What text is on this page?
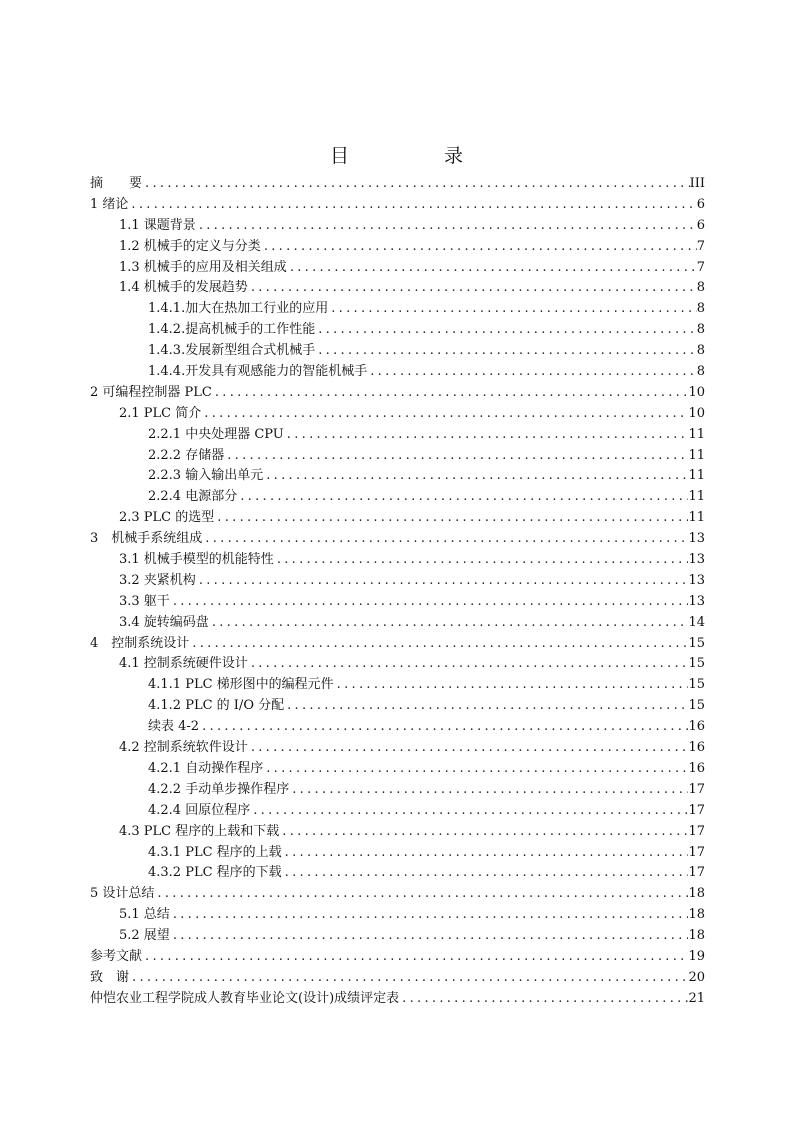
目　录
摘　　要 .....	III
1 绪论 .....	6
1.1 课题背景 .....	6
1.2 机械手的定义与分类 .....	7
1.3 机械手的应用及相关组成 .....	7
1.4 机械手的发展趋势 .....	8
1.4.1.加大在热加工行业的应用 .....	8
1.4.2.提高机械手的工作性能 .....	8
1.4.3.发展新型组合式机械手 .....	8
1.4.4.开发具有观感能力的智能机械手 .....	8
2 可编程控制器 PLC .....	10
2.1 PLC 简介 .....	10
2.2.1 中央处理器 CPU .....	11
2.2.2 存储器 .....	11
2.2.3 输入输出单元 .....	11
2.2.4 电源部分 .....	11
2.3 PLC 的选型 .....	11
3　机械手系统组成 .....	13
3.1 机械手模型的机能特性 .....	13
3.2 夹紧机构 .....	13
3.3 躯干 .....	13
3.4 旋转编码盘 .....	14
4　控制系统设计 .....	15
4.1 控制系统硬件设计 .....	15
4.1.1 PLC 梯形图中的编程元件 .....	15
4.1.2 PLC 的 I/O 分配 .....	15
续表 4-2 .....	16
4.2 控制系统软件设计 .....	16
4.2.1 自动操作程序 .....	16
4.2.2 手动单步操作程序 .....	17
4.2.4 回原位程序 .....	17
4.3 PLC 程序的上载和下载 .....	17
4.3.1 PLC 程序的上载 .....	17
4.3.2 PLC 程序的下载 .....	17
5 设计总结 .....	18
5.1 总结 .....	18
5.2 展望 .....	18
参考文献 .....	19
致　谢 .....	20
仲恺农业工程学院成人教育毕业论文(设计)成绩评定表 .....	21
